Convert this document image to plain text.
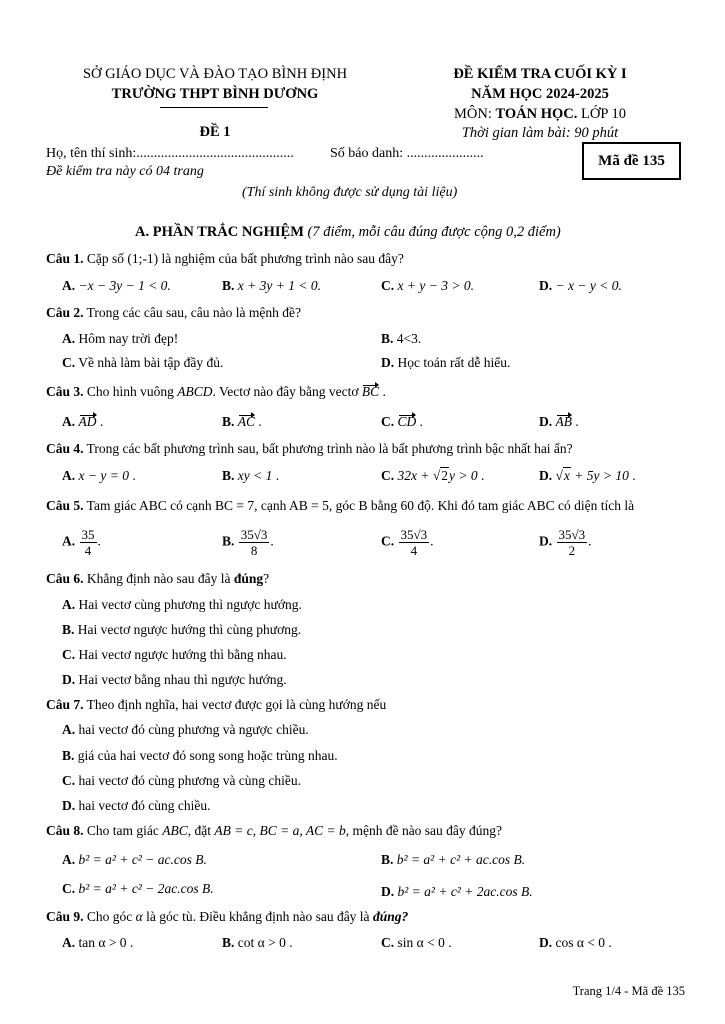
SỞ GIÁO DỤC VÀ ĐÀO TẠO BÌNH ĐỊNH
TRƯỜNG THPT BÌNH DƯƠNG
ĐỀ KIỂM TRA CUỐI KỲ I
NĂM HỌC 2024-2025
MÔN: TOÁN HỌC. LỚP 10
ĐỀ 1	Thời gian làm bài: 90 phút
Họ, tên thí sinh:.............................................	Số báo danh: ......................
Đề kiểm tra này có 04 trang
Mã đề 135
(Thí sinh không được sử dụng tài liệu)
A. PHẦN TRẮC NGHIỆM (7 điểm, mỗi câu đúng được cộng 0,2 điểm)
Câu 1. Cặp số (1;-1) là nghiệm của bất phương trình nào sau đây?
A. −x − 3y − 1 < 0.	B. x + 3y + 1 < 0.	C. x + y − 3 > 0.	D. − x − y < 0.
Câu 2. Trong các câu sau, câu nào là mệnh đề?
A. Hôm nay trời đẹp!	B. 4<3.
C. Về nhà làm bài tập đầy đủ.	D. Học toán rất dễ hiểu.
Câu 3. Cho hình vuông ABCD. Vectơ nào đây bằng vectơ BC .
A. AD .	B. AC .	C. CD .	D. AB .
Câu 4. Trong các bất phương trình sau, bất phương trình nào là bất phương trình bậc nhất hai ẩn?
A. x − y = 0 .	B. xy < 1 .	C. 32x + √2y > 0 .	D. √x + 5y > 10 .
Câu 5. Tam giác ABC có cạnh BC = 7, cạnh AB = 5, góc B bằng 60 độ. Khi đó tam giác ABC có diện tích là
A. $\frac{35}{4}$ .	B. $\frac{35√3}{8}$ .	C. $\frac{35√3}{4}$ .	D. $\frac{35√3}{2}$ .
Câu 6. Khẳng định nào sau đây là đúng?
A. Hai vectơ cùng phương thì ngược hướng.
B. Hai vectơ ngược hướng thì cùng phương.
C. Hai vectơ ngược hướng thì bằng nhau.
D. Hai vectơ bằng nhau thì ngược hướng.
Câu 7. Theo định nghĩa, hai vectơ được gọi là cùng hướng nếu
A. hai vectơ đó cùng phương và ngược chiều.
B. giá của hai vectơ đó song song hoặc trùng nhau.
C. hai vectơ đó cùng phương và cùng chiều.
D. hai vectơ đó cùng chiều.
Câu 8. Cho tam giác ABC, đặt AB = c, BC = a, AC = b, mệnh đề nào sau đây đúng?
A. b² = a² + c² − ac.cos B.	B. b² = a² + c² + ac.cos B.
C. b² = a² + c² − 2ac.cos B.	D. b² = a² + c² + 2ac.cos B.
Câu 9. Cho góc α là góc tù. Điều khẳng định nào sau đây là đúng?
A. tan α > 0 .	B. cot α > 0 .	C. sin α < 0 .	D. cos α < 0 .
Trang 1/4 - Mã đề 135
